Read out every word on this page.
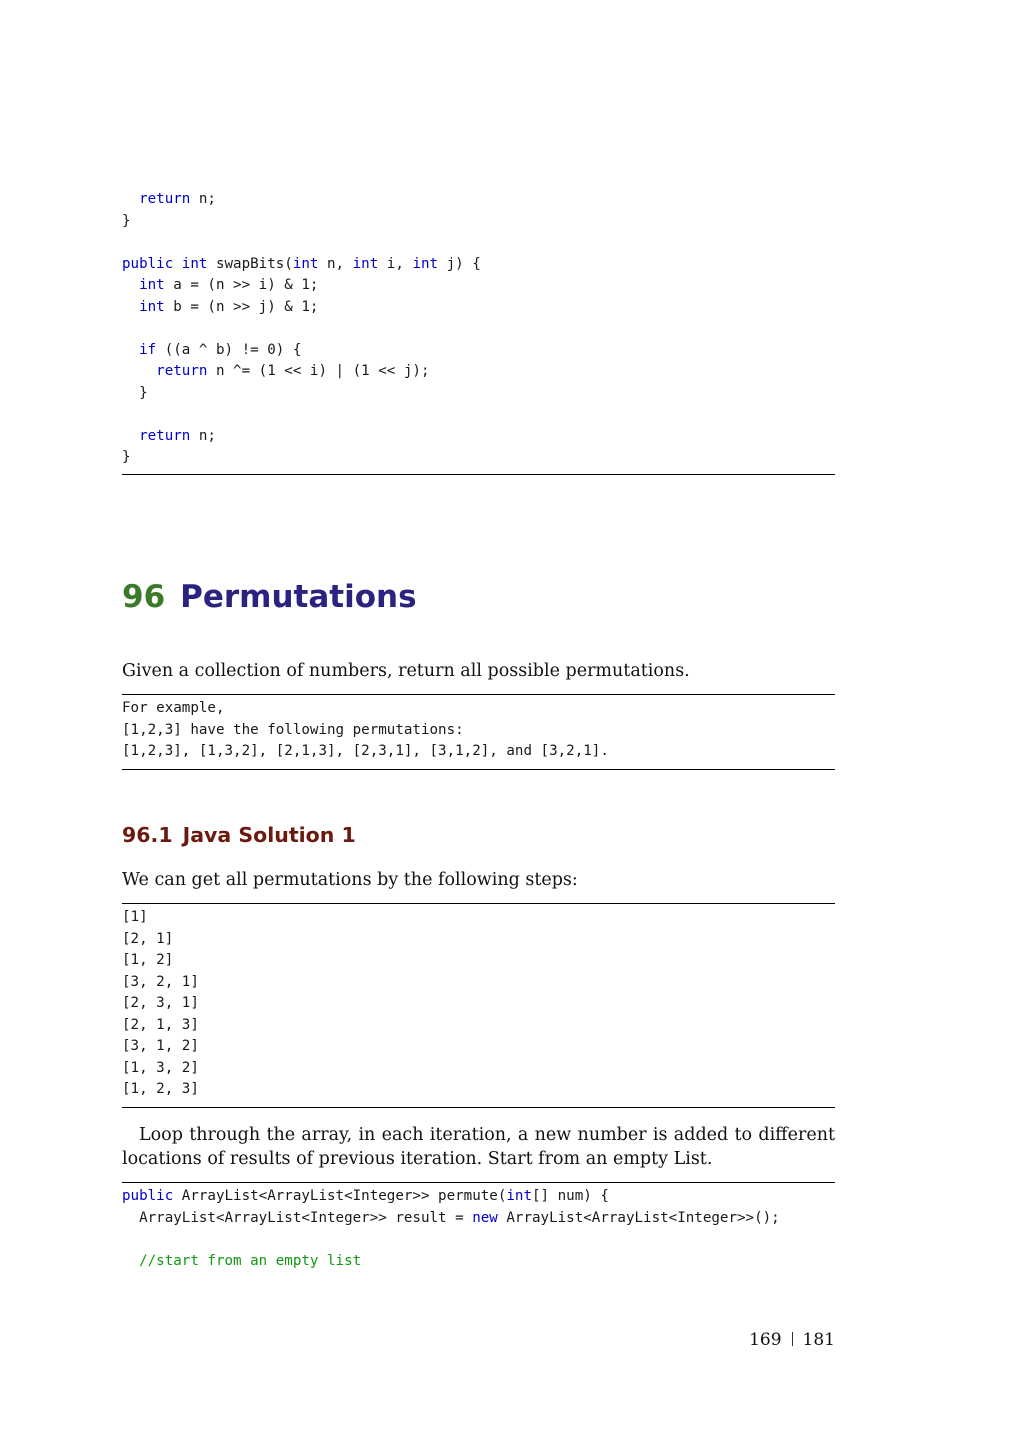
return n;
}

public int swapBits(int n, int i, int j) {
int a = (n >> i) & 1;
int b = (n >> j) & 1;

if ((a ^ b) != 0) {
return n ^= (1 << i) | (1 << j);
}

return n;
}
96 Permutations
Given a collection of numbers, return all possible permutations.
For example,
[1,2,3] have the following permutations:
[1,2,3], [1,3,2], [2,1,3], [2,3,1], [3,1,2], and [3,2,1].
96.1 Java Solution 1
We can get all permutations by the following steps:
[1]
[2, 1]
[1, 2]
[3, 2, 1]
[2, 3, 1]
[2, 1, 3]
[3, 1, 2]
[1, 3, 2]
[1, 2, 3]
Loop through the array, in each iteration, a new number is added to different locations of results of previous iteration. Start from an empty List.
public ArrayList<ArrayList<Integer>> permute(int[] num) {
ArrayList<ArrayList<Integer>> result = new ArrayList<ArrayList<Integer>>();

//start from an empty list
169 181
